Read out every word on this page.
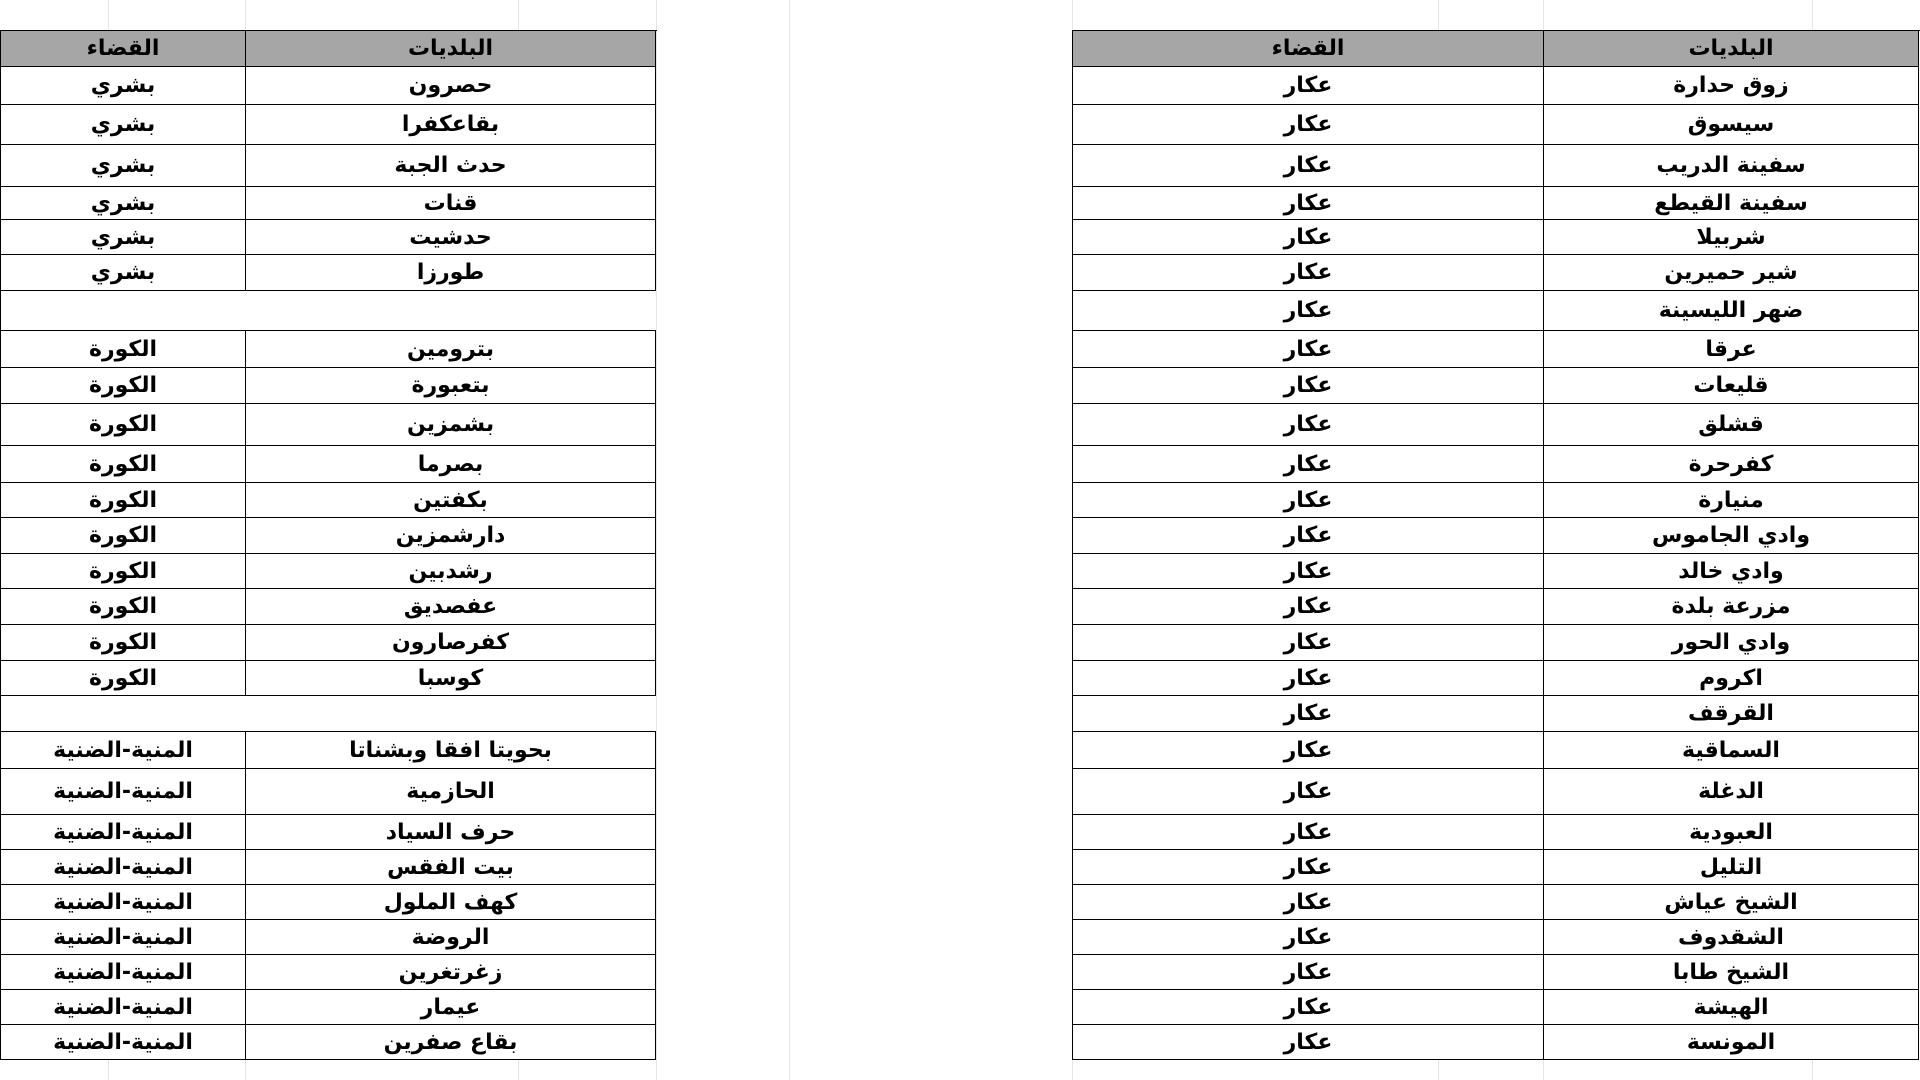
القضاء	البلديات
بشري	حصرون
بشري	بقاعكفرا
بشري	حدث الجبة
بشري	قنات
بشري	حدشيت
بشري	طورزا
الكورة	بترومين
الكورة	بتعبورة
الكورة	بشمزين
الكورة	بصرما
الكورة	بكفتين
الكورة	دارشمزين
الكورة	رشدبين
الكورة	عفصديق
الكورة	كفرصارون
الكورة	كوسبا
المنية-الضنية	بحويتا افقا وبشناتا
المنية-الضنية	الحازمية
المنية-الضنية	حرف السياد
المنية-الضنية	بيت الفقس
المنية-الضنية	كهف الملول
المنية-الضنية	الروضة
المنية-الضنية	زغرتغرين
المنية-الضنية	عيمار
المنية-الضنية	بقاع صفرين
القضاء	البلديات
عكار	زوق حدارة
عكار	سيسوق
عكار	سفينة الدريب
عكار	سفينة القيطع
عكار	شربيلا
عكار	شير حميرين
عكار	ضهر الليسينة
عكار	عرقا
عكار	قليعات
عكار	قشلق
عكار	كفرحرة
عكار	منيارة
عكار	وادي الجاموس
عكار	وادي خالد
عكار	مزرعة بلدة
عكار	وادي الحور
عكار	اكروم
عكار	القرقف
عكار	السماقية
عكار	الدغلة
عكار	العبودية
عكار	التليل
عكار	الشيخ عياش
عكار	الشقدوف
عكار	الشيخ طابا
عكار	الهيشة
عكار	المونسة
